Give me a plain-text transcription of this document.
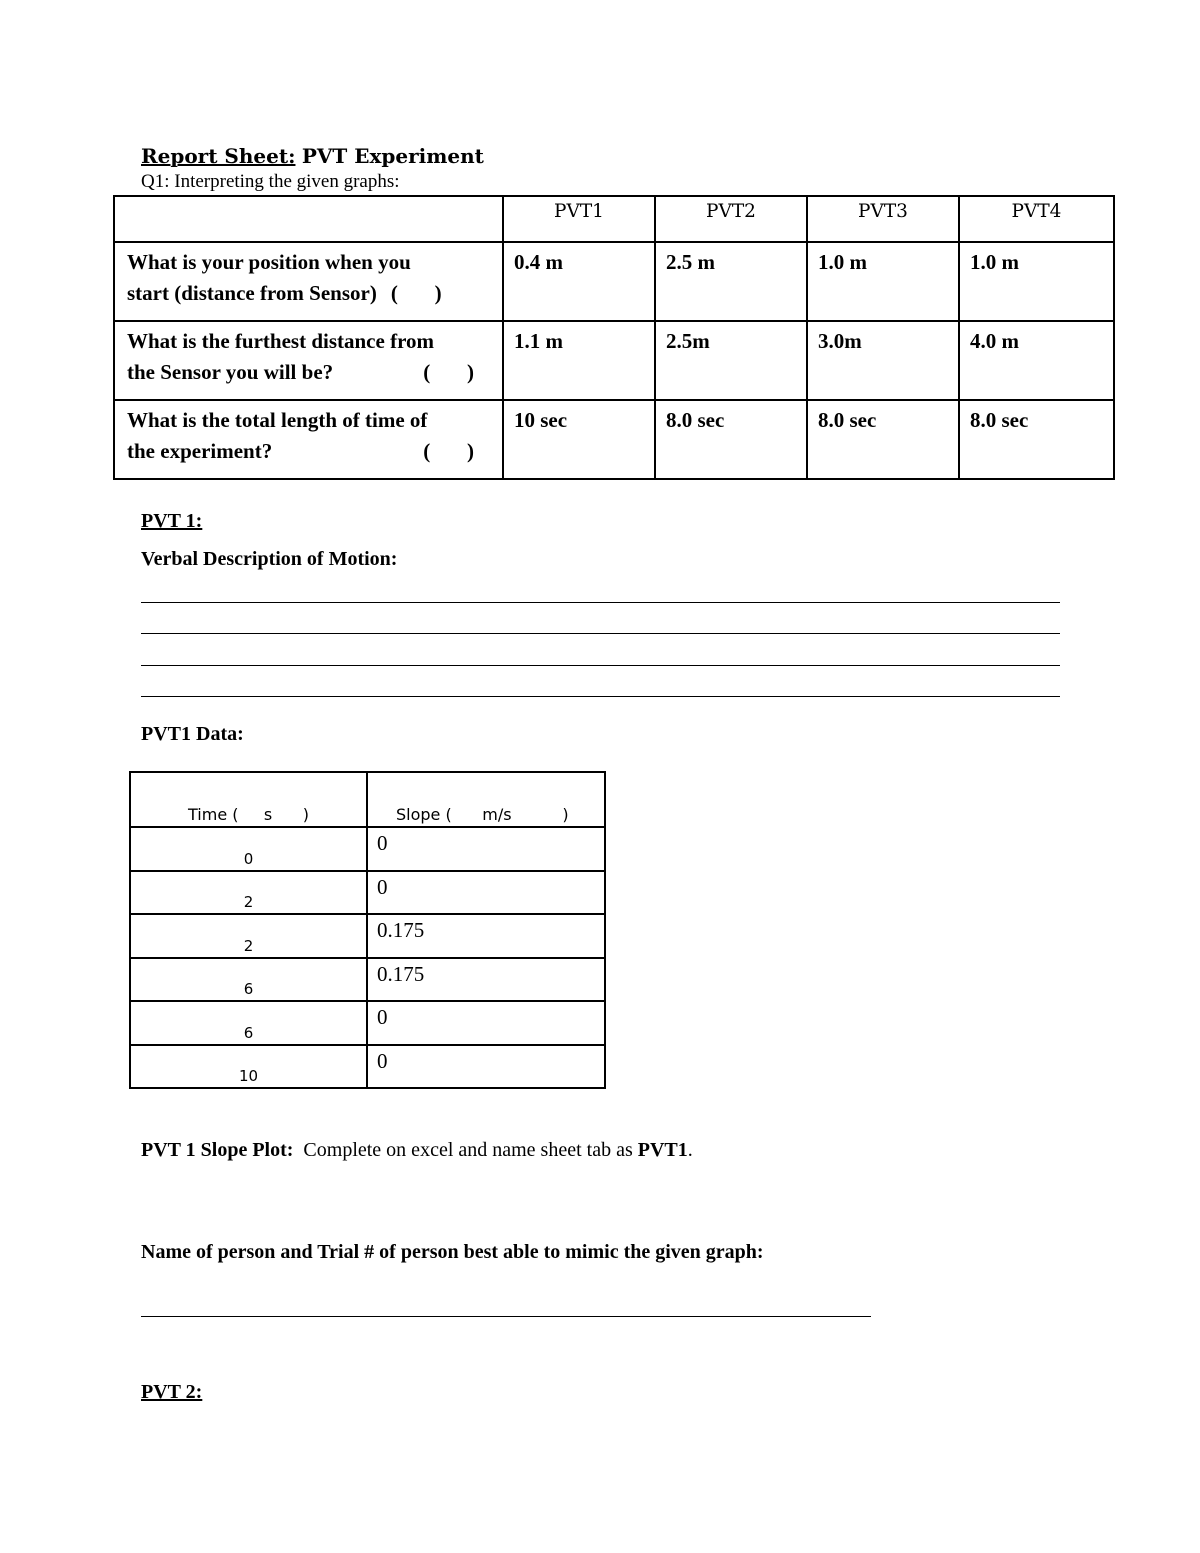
Report Sheet: PVT Experiment
Q1: Interpreting the given graphs:
	PVT1	PVT2	PVT3	PVT4

What is your position when you
start (distance from Sensor) (       )	0.4 m	2.5 m	1.0 m	1.0 m

What is the furthest distance from
the Sensor you will be? (       )	1.1 m	2.5m	3.0m	4.0 m

What is the total length of time of
the experiment? (       )	10 sec	8.0 sec	8.0 sec	8.0 sec
PVT 1:
Verbal Description of Motion:
PVT1 Data:
Time (     s      )	Slope (      m/s          )

0	0

2	0

2	0.175

6	0.175

6	0

10	0
PVT 1 Slope Plot: Complete on excel and name sheet tab as PVT1.
Name of person and Trial # of person best able to mimic the given graph:
PVT 2:
